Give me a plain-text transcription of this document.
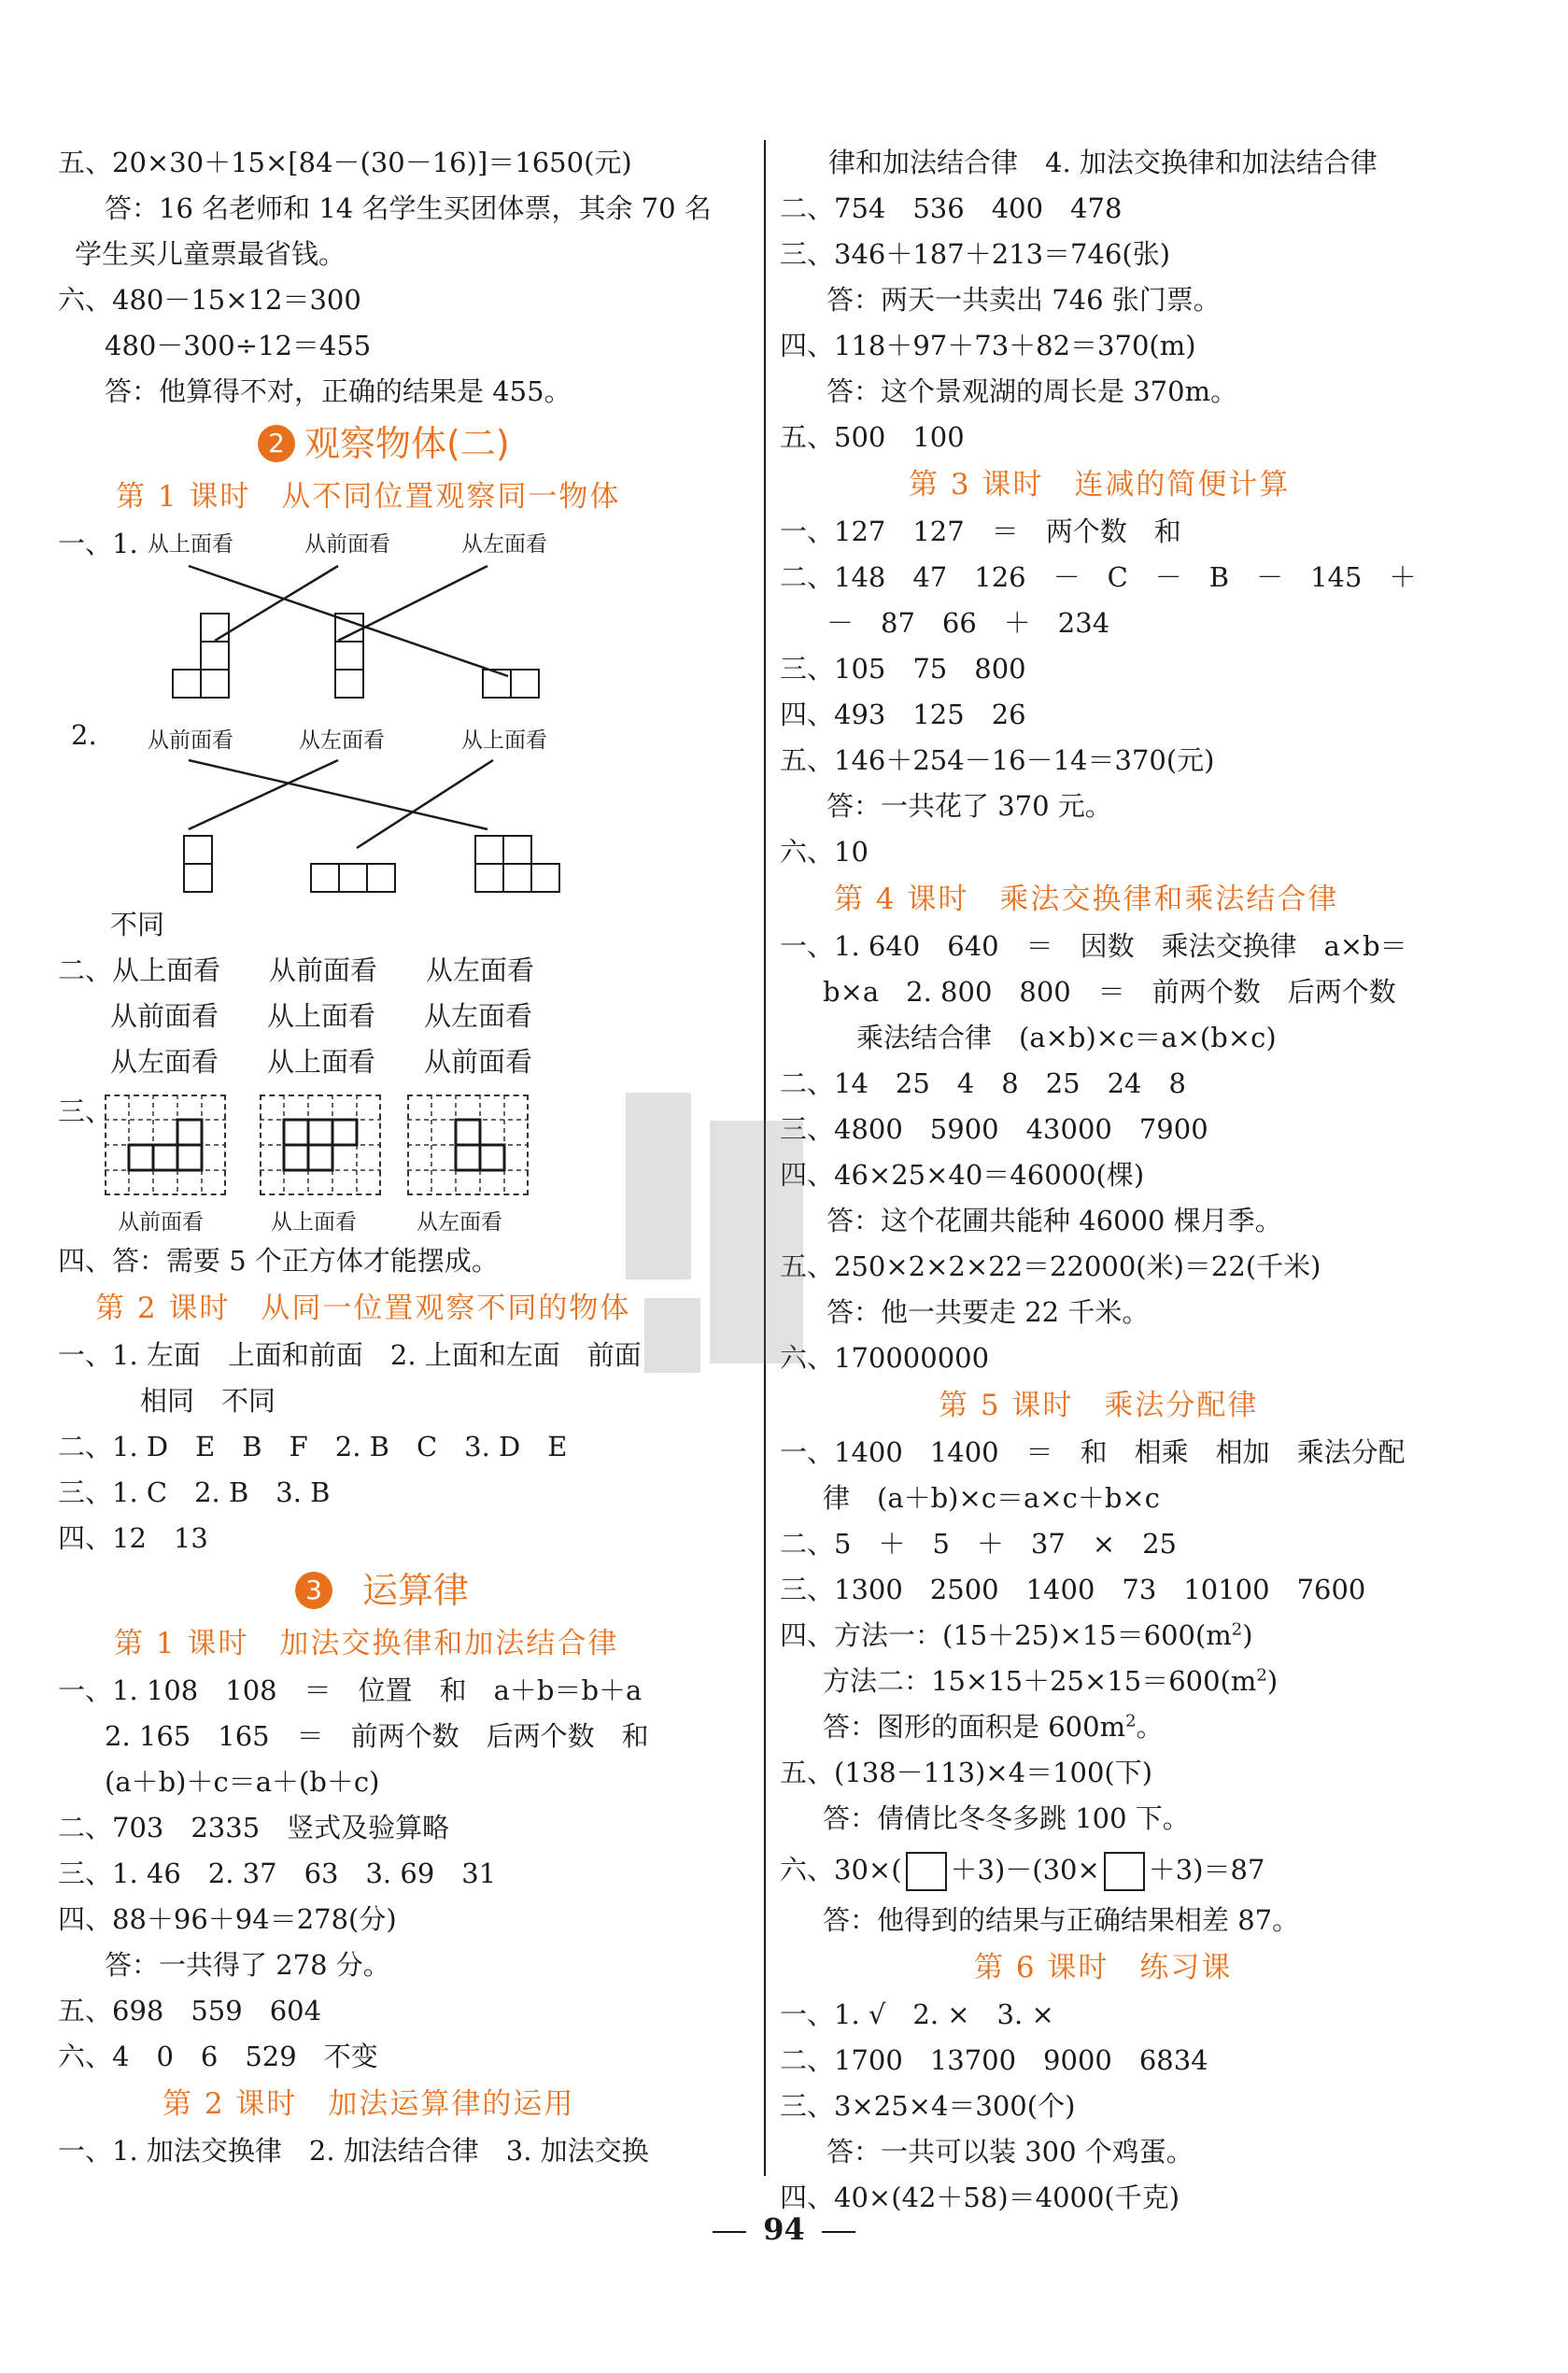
五、20×30＋15×[84－(30－16)]＝1650(元)
答：16 名老师和 14 名学生买团体票，其余 70 名
学生买儿童票最省钱。
六、480－15×12＝300
480－300÷12＝455
答：他算得不对，正确的结果是 455。
2 观察物体(二)
第 1 课时　从不同位置观察同一物体
一、1. 从上面看	从前面看	从左面看
2. 从前面看	从左面看	从上面看
不同
二、从上面看 从前面看 从左面看
从前面看 从上面看 从左面看
从左面看 从上面看 从前面看
三、
从前面看	从上面看	从左面看
四、答：需要 5 个正方体才能摆成。
第 2 课时　从同一位置观察不同的物体
一、1. 左面　上面和前面　2. 上面和左面　前面
相同　不同
二、1. D　E　B　F　2. B　C　3. D　E
三、1. C　2. B　3. B
四、12　13
3 运算律
第 1 课时　加法交换律和加法结合律
一、1. 108　108　＝　位置　和　a＋b＝b＋a
2. 165　165　＝　前两个数　后两个数　和
(a＋b)＋c＝a＋(b＋c)
二、703　2335　竖式及验算略
三、1. 46　2. 37　63　3. 69　31
四、88＋96＋94＝278(分)
答：一共得了 278 分。
五、698　559　604
六、4　0　6　529　不变
第 2 课时　加法运算律的运用
一、1. 加法交换律　2. 加法结合律　3. 加法交换
律和加法结合律　4. 加法交换律和加法结合律
二、754　536　400　478
三、346＋187＋213＝746(张)
答：两天一共卖出 746 张门票。
四、118＋97＋73＋82＝370(m)
答：这个景观湖的周长是 370m。
五、500　100
第 3 课时　连减的简便计算
一、127　127　＝　两个数　和
二、148　47　126　－　C　－　B　－　145　＋
－　87　66　＋　234
三、105　75　800
四、493　125　26
五、146＋254－16－14＝370(元)
答：一共花了 370 元。
六、10
第 4 课时　乘法交换律和乘法结合律
一、1. 640　640　＝　因数　乘法交换律　a×b＝
b×a　2. 800　800　＝　前两个数　后两个数
乘法结合律　(a×b)×c＝a×(b×c)
二、14　25　4　8　25　24　8
三、4800　5900　43000　7900
四、46×25×40＝46000(棵)
答：这个花圃共能种 46000 棵月季。
五、250×2×2×22＝22000(米)＝22(千米)
答：他一共要走 22 千米。
六、170000000
第 5 课时　乘法分配律
一、1400　1400　＝　和　相乘　相加　乘法分配
律　(a＋b)×c＝a×c＋b×c
二、5　＋　5　＋　37　×　25
三、1300　2500　1400　73　10100　7600
四、方法一：$(15+25)\times 15=600(m^2)$
方法二：$15\times 15+25\times 15=600(m^2)$
答：图形的面积是 $600m^2$。
五、(138－113)×4＝100(下)
答：倩倩比冬冬多跳 100 下。
六、30×( ＋3)－(30× ＋3)＝87
答：他得到的结果与正确结果相差 87。
第 6 课时　练习课
一、1. √　2. ×　3. ×
二、1700　13700　9000　6834
三、3×25×4＝300(个)
答：一共可以装 300 个鸡蛋。
四、40×(42＋58)＝4000(千克)
94
